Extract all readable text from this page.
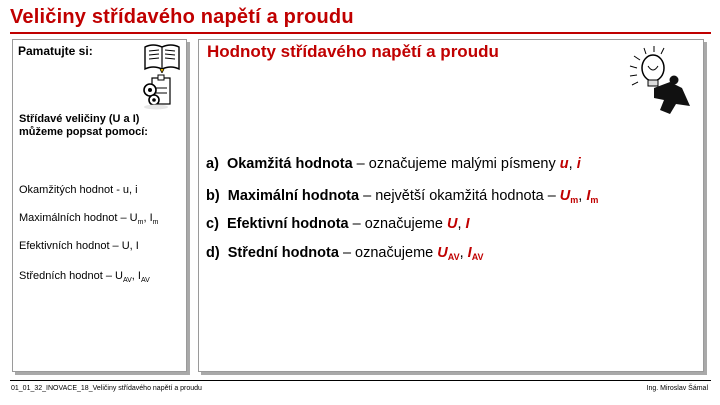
Veličiny střídavého napětí a proudu
Pamatujte si:
Střídavé veličiny (U a I)
můžeme popsat pomocí:
Okamžitých hodnot - u, i
Maximálních hodnot – $U_m$, $I_m$
Efektivních hodnot – U, I
Středních hodnot – $U_{AV}$, $I_{AV}$
Hodnoty střídavého napětí a proudu
a) Okamžitá hodnota – označujeme malými písmeny u, i
b) Maximální hodnota – největší okamžitá hodnota – $U_m$, $I_m$
c) Efektivní hodnota – označujeme U, I
d) Střední hodnota – označujeme $U_{AV}$, $I_{AV}$
01_01_32_INOVACE_18_Veličiny střídavého napětí a proudu	Ing. Miroslav Šámal
